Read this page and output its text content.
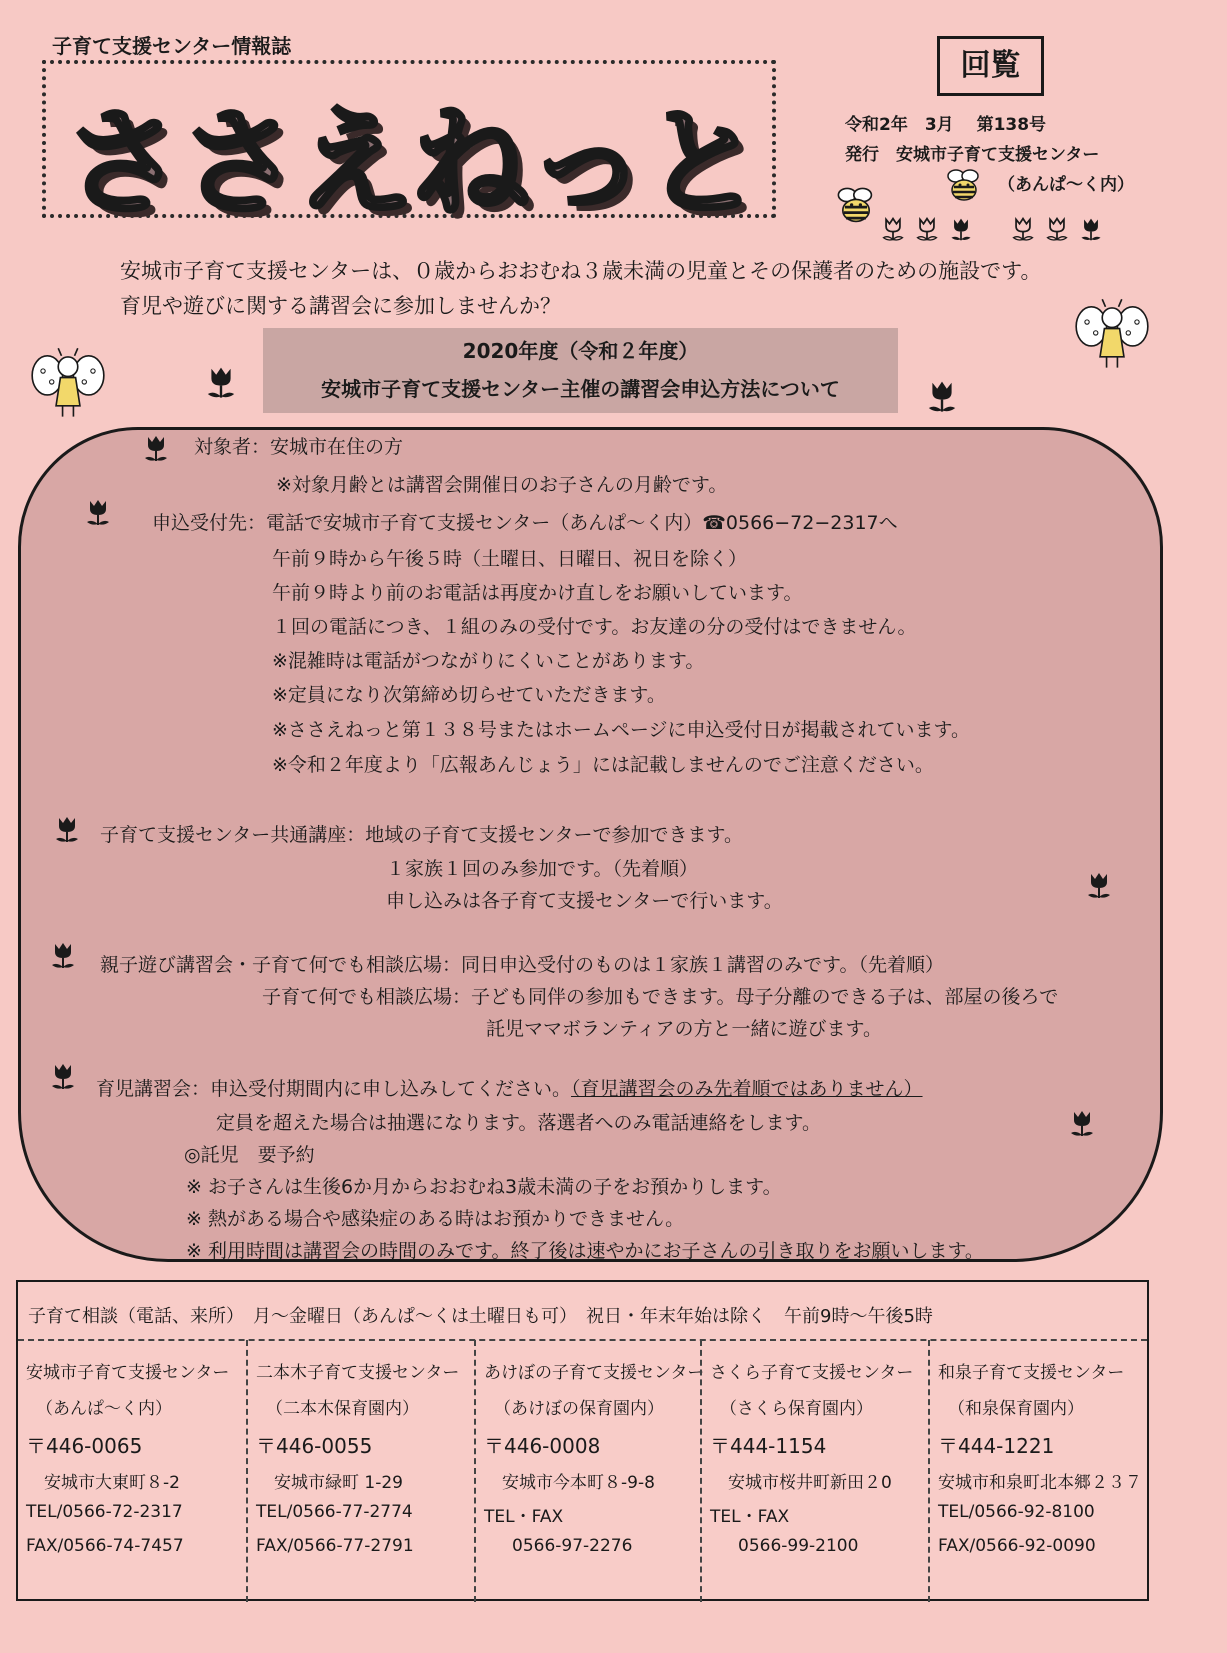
子育て支援センター情報誌
ささえねっと
回覧
令和2年　3月　 第138号
発行　安城市子育て支援センター
（あんぱ～く内）
安城市子育て支援センターは、０歳からおおむね３歳未満の児童とその保護者のための施設です。
育児や遊びに関する講習会に参加しませんか？
2020年度（令和２年度）
安城市子育て支援センター主催の講習会申込方法について
対象者：安城市在住の方
※対象月齢とは講習会開催日のお子さんの月齢です。
申込受付先：電話で安城市子育て支援センター（あんぱ～く内）☎0566−72−2317へ
午前９時から午後５時（土曜日、日曜日、祝日を除く）
午前９時より前のお電話は再度かけ直しをお願いしています。
１回の電話につき、１組のみの受付です。お友達の分の受付はできません。
※混雑時は電話がつながりにくいことがあります。
※定員になり次第締め切らせていただきます。
※ささえねっと第１３８号またはホームページに申込受付日が掲載されています。
※令和２年度より「広報あんじょう」には記載しませんのでご注意ください。
子育て支援センター共通講座：地域の子育て支援センターで参加できます。
１家族１回のみ参加です。（先着順）
申し込みは各子育て支援センターで行います。
親子遊び講習会・子育て何でも相談広場：同日申込受付のものは１家族１講習のみです。（先着順）
子育て何でも相談広場：子ども同伴の参加もできます。母子分離のできる子は、部屋の後ろで
託児ママボランティアの方と一緒に遊びます。
育児講習会：申込受付期間内に申し込みしてください。（育児講習会のみ先着順ではありません）
定員を超えた場合は抽選になります。落選者へのみ電話連絡をします。
◎託児　要予約
※ お子さんは生後6か月からおおむね3歳未満の子をお預かりします。
※ 熱がある場合や感染症のある時はお預かりできません。
※ 利用時間は講習会の時間のみです。終了後は速やかにお子さんの引き取りをお願いします。
子育て相談（電話、来所）　月～金曜日（あんぱ～くは土曜日も可）　祝日・年末年始は除く　午前9時～午後5時
安城市子育て支援センター
（あんぱ～く内）
〒446-0065
安城市大東町８-2
TEL/0566-72-2317
FAX/0566-74-7457
二本木子育て支援センター
（二本木保育園内）
〒446-0055
安城市緑町 1-29
TEL/0566-77-2774
FAX/0566-77-2791
あけぼの子育て支援センター
（あけぼの保育園内）
〒446-0008
安城市今本町８-9-8
TEL・FAX
0566-97-2276
さくら子育て支援センター
（さくら保育園内）
〒444-1154
安城市桜井町新田２0
TEL・FAX
0566-99-2100
和泉子育て支援センター
（和泉保育園内）
〒444-1221
安城市和泉町北本郷２３７
TEL/0566-92-8100
FAX/0566-92-0090
